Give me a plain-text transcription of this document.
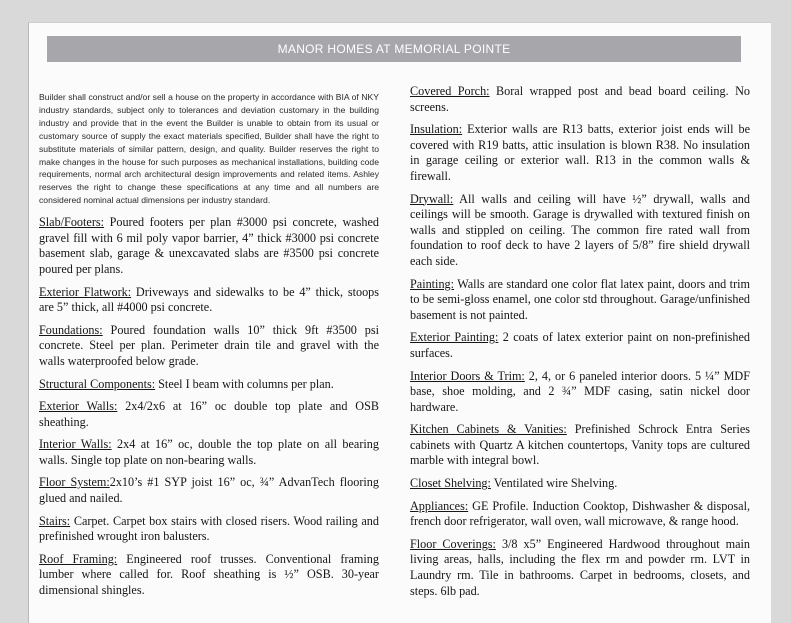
MANOR HOMES AT MEMORIAL POINTE

Builder shall construct and/or sell a house on the property in accordance with BIA of NKY industry standards, subject only to tolerances and deviation customary in the building industry and provide that in the event the Builder is unable to obtain from its usual or customary source of supply the exact materials specified, Builder shall have the right to substitute materials of similar pattern, design, and quality. Builder reserves the right to make changes in the house for such purposes as mechanical installations, building code requirements, normal arch architectural design improvements and related items. Ashley reserves the right to change these specifications at any time and all numbers are considered nominal actual dimensions per industry standard.

Slab/Footers: Poured footers per plan #3000 psi concrete, washed gravel fill with 6 mil poly vapor barrier, 4” thick #3000 psi concrete basement slab, garage & unexcavated slabs are #3500 psi concrete poured per plans.

Exterior Flatwork: Driveways and sidewalks to be 4” thick, stoops are 5” thick, all #4000 psi concrete.

Foundations: Poured foundation walls 10” thick 9ft #3500 psi concrete. Steel per plan. Perimeter drain tile and gravel with the walls waterproofed below grade.

Structural Components: Steel I beam with columns per plan.

Exterior Walls: 2x4/2x6 at 16” oc double top plate and OSB sheathing.

Interior Walls: 2x4 at 16” oc, double the top plate on all bearing walls. Single top plate on non-bearing walls.

Floor System:2x10’s #1 SYP joist 16” oc, ¾” AdvanTech flooring glued and nailed.

Stairs: Carpet. Carpet box stairs with closed risers. Wood railing and prefinished wrought iron balusters.

Roof Framing: Engineered roof trusses. Conventional framing lumber where called for. Roof sheathing is ½” OSB. 30-year dimensional shingles.

Covered Porch: Boral wrapped post and bead board ceiling. No screens.

Insulation: Exterior walls are R13 batts, exterior joist ends will be covered with R19 batts, attic insulation is blown R38. No insulation in garage ceiling or exterior wall. R13 in the common walls & firewall.

Drywall: All walls and ceiling will have ½” drywall, walls and ceilings will be smooth. Garage is drywalled with textured finish on walls and stippled on ceiling. The common fire rated wall from foundation to roof deck to have 2 layers of 5/8” fire shield drywall each side.

Painting: Walls are standard one color flat latex paint, doors and trim to be semi-gloss enamel, one color std throughout. Garage/unfinished basement is not painted.

Exterior Painting: 2 coats of latex exterior paint on non-prefinished surfaces.

Interior Doors & Trim: 2, 4, or 6 paneled interior doors. 5 ¼” MDF base, shoe molding, and 2 ¾” MDF casing, satin nickel door hardware.

Kitchen Cabinets & Vanities: Prefinished Schrock Entra Series cabinets with Quartz A kitchen countertops, Vanity tops are cultured marble with integral bowl.

Closet Shelving: Ventilated wire Shelving.

Appliances: GE Profile. Induction Cooktop, Dishwasher & disposal, french door refrigerator, wall oven, wall microwave, & range hood.

Floor Coverings: 3/8 x5” Engineered Hardwood throughout main living areas, halls, including the flex rm and powder rm. LVT in Laundry rm. Tile in bathrooms. Carpet in bedrooms, closets, and steps. 6lb pad.
